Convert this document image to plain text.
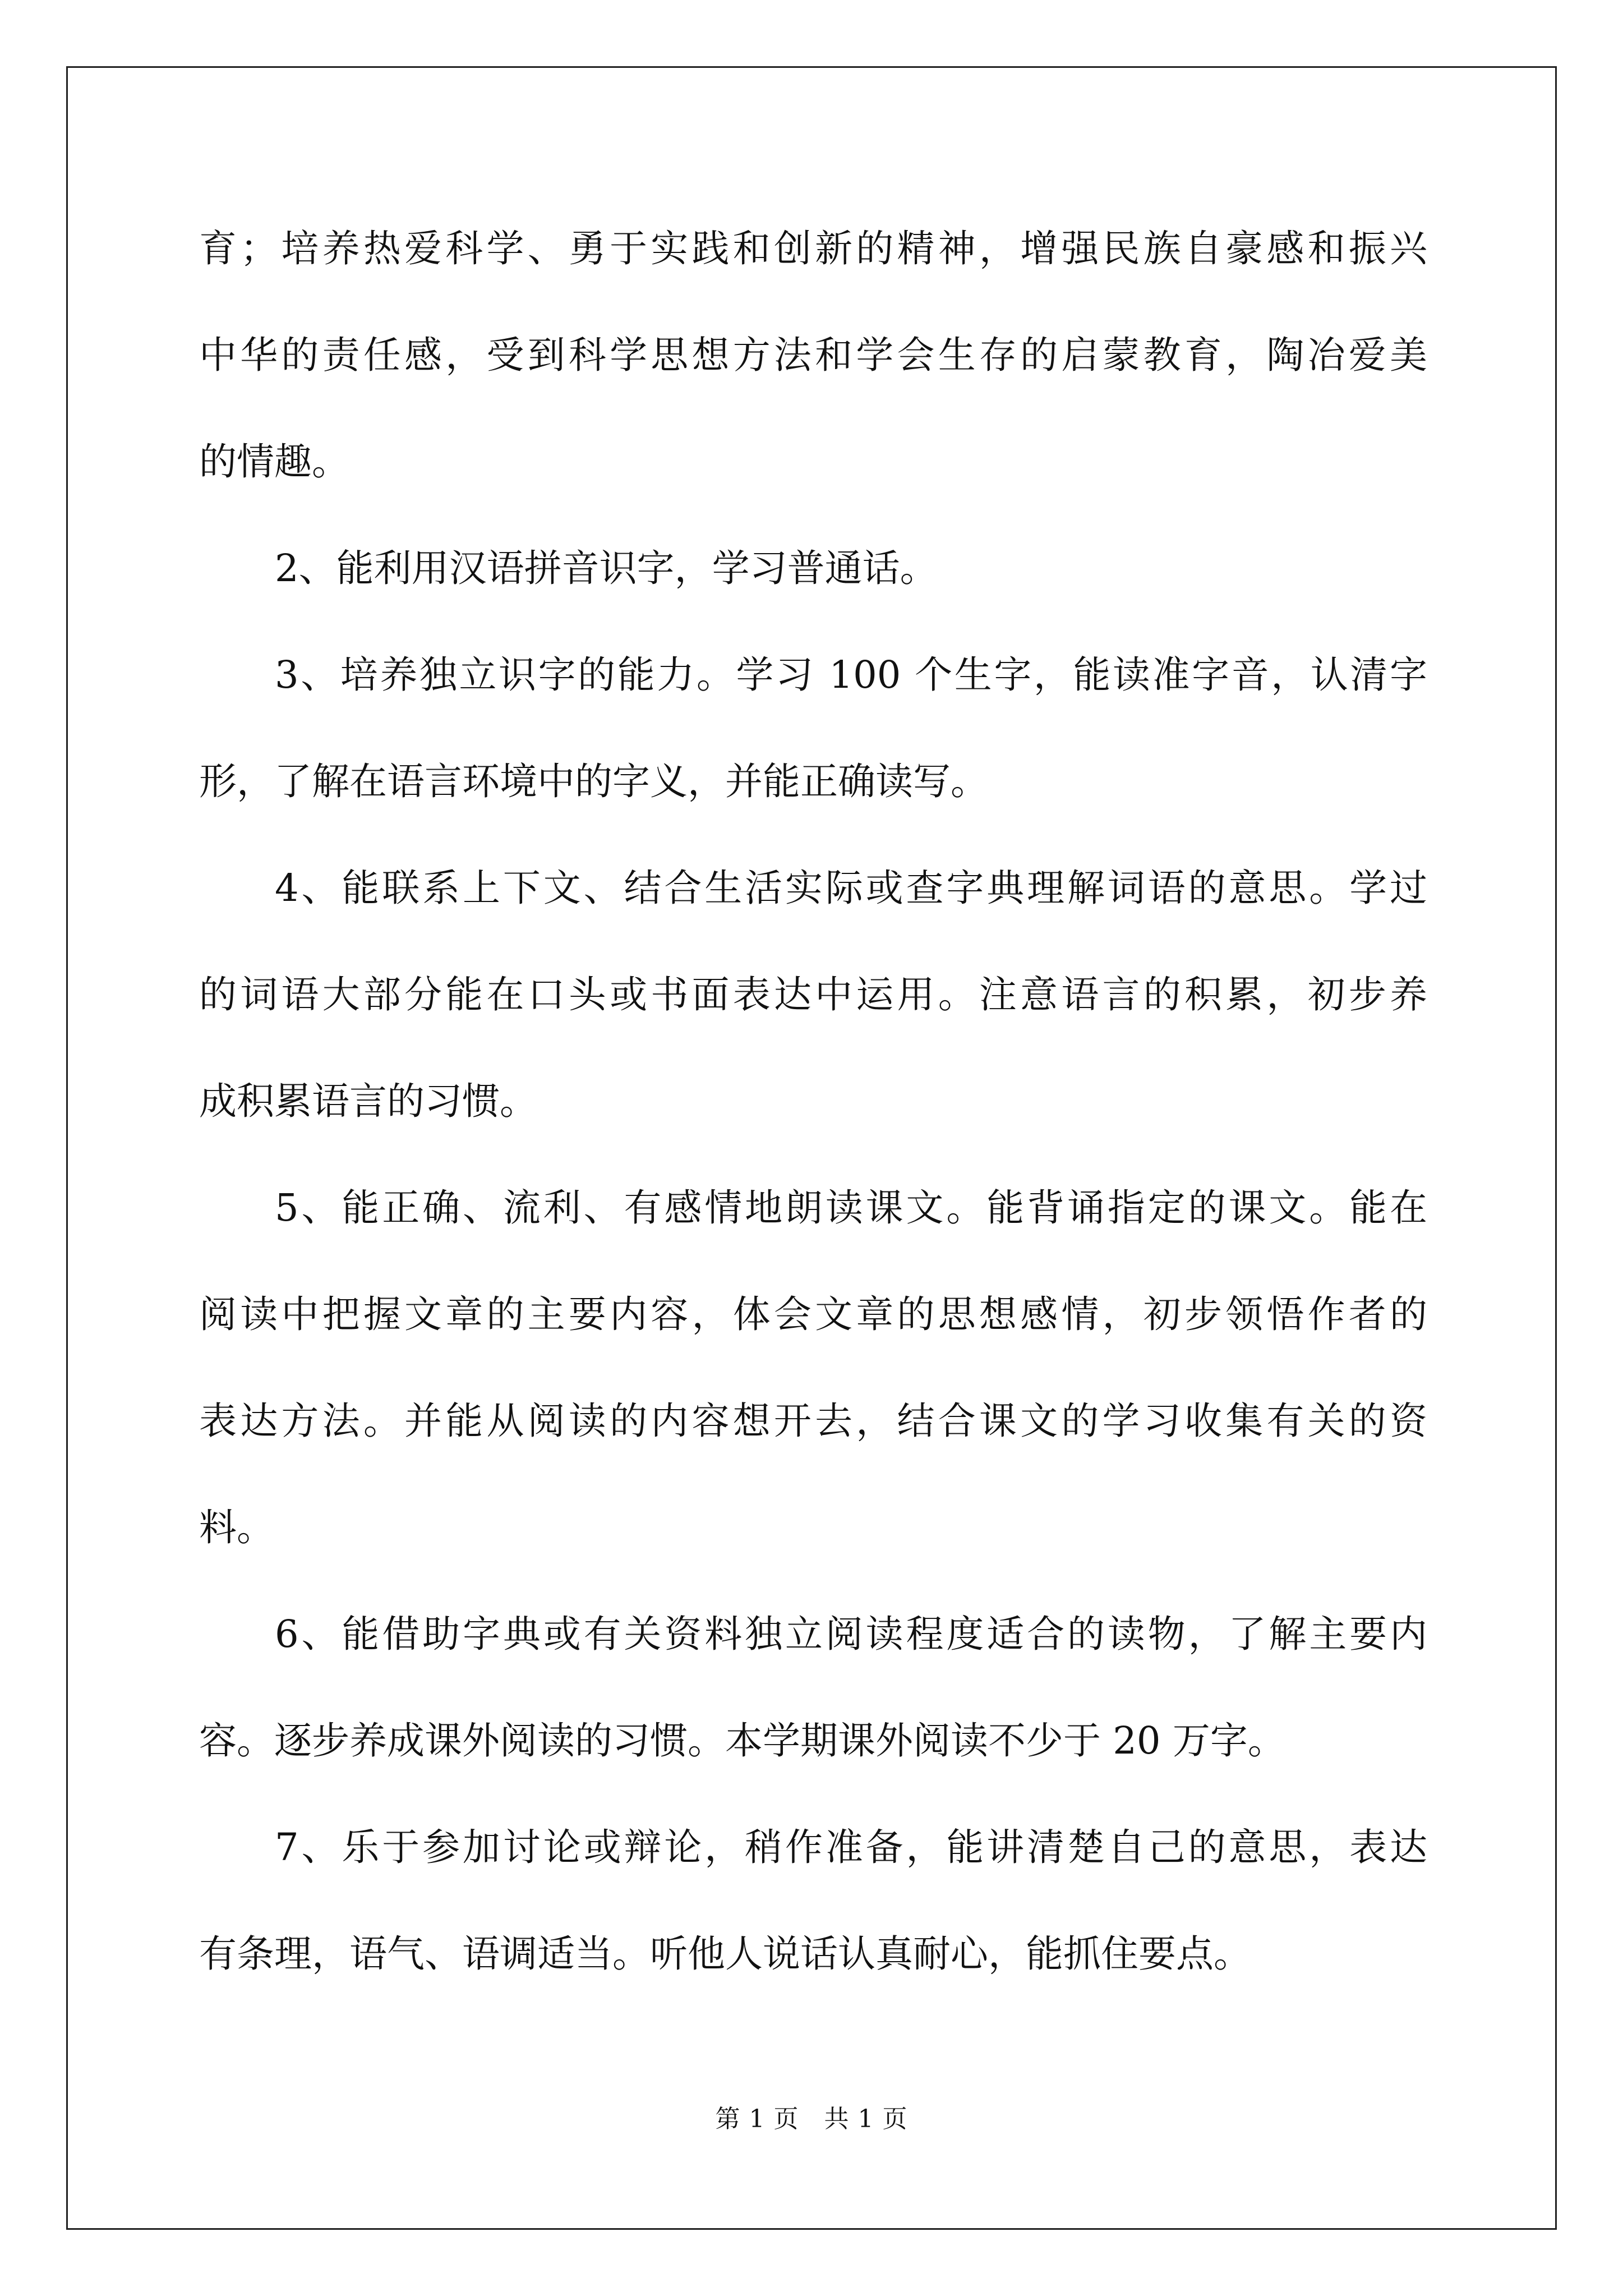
育；培养热爱科学、勇于实践和创新的精神，增强民族自豪感和振兴
中华的责任感，受到科学思想方法和学会生存的启蒙教育，陶冶爱美
的情趣。
2、能利用汉语拼音识字，学习普通话。
3、培养独立识字的能力。学习 100 个生字，能读准字音，认清字
形，了解在语言环境中的字义，并能正确读写。
4、能联系上下文、结合生活实际或查字典理解词语的意思。学过
的词语大部分能在口头或书面表达中运用。注意语言的积累，初步养
成积累语言的习惯。
5、能正确、流利、有感情地朗读课文。能背诵指定的课文。能在
阅读中把握文章的主要内容，体会文章的思想感情，初步领悟作者的
表达方法。并能从阅读的内容想开去，结合课文的学习收集有关的资
料。
6、能借助字典或有关资料独立阅读程度适合的读物，了解主要内
容。逐步养成课外阅读的习惯。本学期课外阅读不少于 20 万字。
7、乐于参加讨论或辩论，稍作准备，能讲清楚自己的意思，表达
有条理，语气、语调适当。听他人说话认真耐心，能抓住要点。
第 1 页　共 1 页
